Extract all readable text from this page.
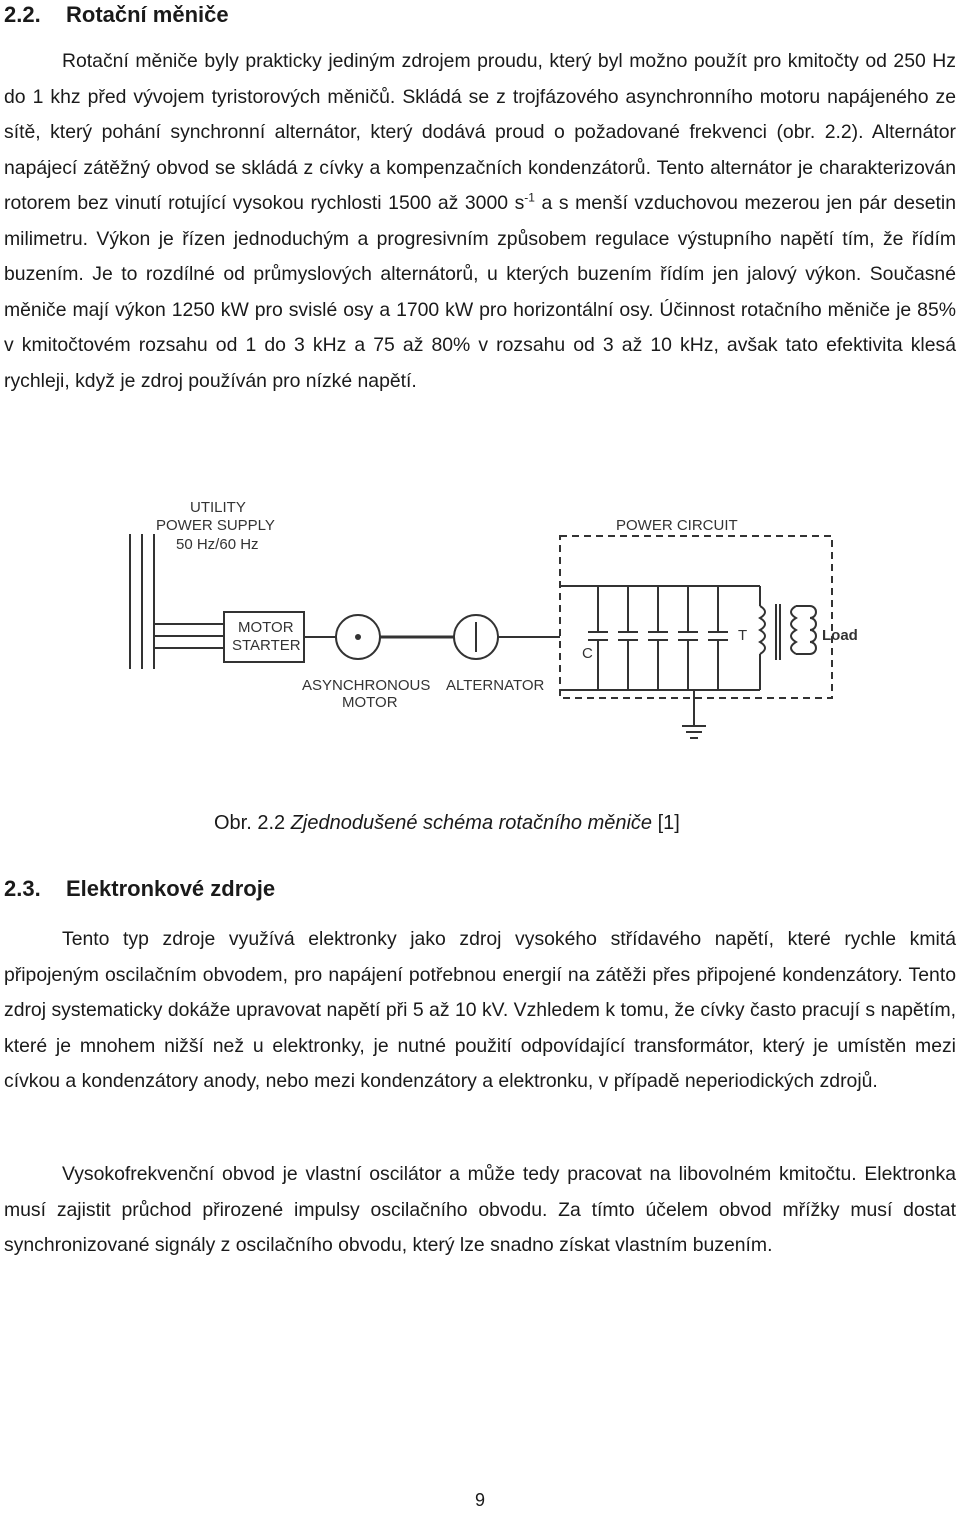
2.2. Rotační měniče

Rotační měniče byly prakticky jediným zdrojem proudu, který byl možno použít pro kmitočty od 250 Hz do 1 khz před vývojem tyristorových měničů. Skládá se z trojfázového asynchronního motoru napájeného ze sítě, který pohání synchronní alternátor, který dodává proud o požadované frekvenci (obr. 2.2). Alternátor napájecí zátěžný obvod se skládá z cívky a kompenzačních kondenzátorů. Tento alternátor je charakterizován rotorem bez vinutí rotující vysokou rychlosti 1500 až 3000 $s^{-1}$ a s menší vzduchovou mezerou jen pár desetin milimetru. Výkon je řízen jednoduchým a progresivním způsobem regulace výstupního napětí tím, že řídím buzením. Je to rozdílné od průmyslových alternátorů, u kterých buzením řídím jen jalový výkon. Současné měniče mají výkon 1250 kW pro svislé osy a 1700 kW pro horizontální osy. Účinnost rotačního měniče je 85% v kmitočtovém rozsahu od 1 do 3 kHz a 75 až 80% v rozsahu od 3 až 10 kHz, avšak tato efektivita klesá rychleji, když je zdroj používán pro nízké napětí.

UTILITY
POWER SUPPLY
50 Hz/60 Hz
MOTOR
STARTER
ASYNCHRONOUS
MOTOR
ALTERNATOR
POWER CIRCUIT
C
T	Load

Obr. 2.2 Zjednodušené schéma rotačního měniče [1]

2.3. Elektronkové zdroje

Tento typ zdroje využívá elektronky jako zdroj vysokého střídavého napětí, které rychle kmitá připojeným oscilačním obvodem, pro napájení potřebnou energií na zátěži přes připojené kondenzátory. Tento zdroj systematicky dokáže upravovat napětí při 5 až 10 kV. Vzhledem k tomu, že cívky často pracují s napětím, které je mnohem nižší než u elektronky, je nutné použití odpovídající transformátor, který je umístěn mezi cívkou a kondenzátory anody, nebo mezi kondenzátory a elektronku, v případě neperiodických zdrojů.

Vysokofrekvenční obvod je vlastní oscilátor a může tedy pracovat na libovolném kmitočtu. Elektronka musí zajistit průchod přirozené impulsy oscilačního obvodu. Za tímto účelem obvod mřížky musí dostat synchronizované signály z oscilačního obvodu, který lze snadno získat vlastním buzením.

9
